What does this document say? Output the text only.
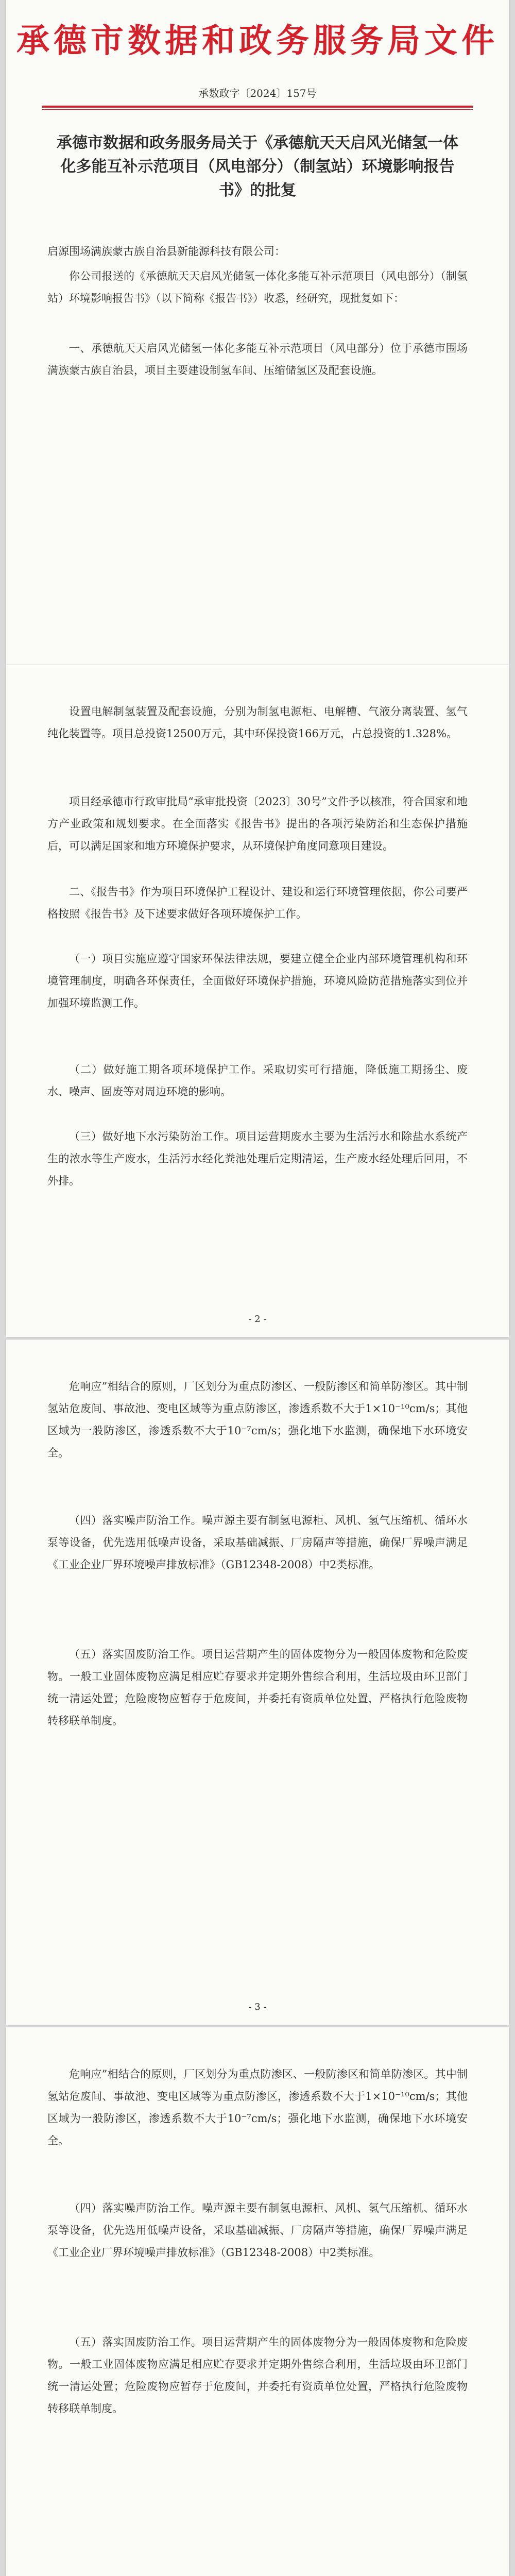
承德市数据和政务服务局文件
承数政字〔2024〕157号
承德市数据和政务服务局关于《承德航天天启风光储氢一体化多能互补示范项目（风电部分）（制氢站）环境影响报告书》的批复
启源围场满族蒙古族自治县新能源科技有限公司：
你公司报送的《承德航天天启风光储氢一体化多能互补示范项目（风电部分）（制氢站）环境影响报告书》（以下简称《报告书》）收悉，经研究，现批复如下：
一、承德航天天启风光储氢一体化多能互补示范项目（风电部分）位于承德市围场满族蒙古族自治县，项目主要建设制氢车间、压缩储氢区及配套设施。
设置电解制氢装置及配套设施，分别为制氢电源柜、电解槽、气液分离装置、氢气纯化装置等。项目总投资12500万元，其中环保投资166万元，占总投资的1.328%。
项目经承德市行政审批局“承审批投资〔2023〕30号”文件予以核准，符合国家和地方产业政策和规划要求。在全面落实《报告书》提出的各项污染防治和生态保护措施后，可以满足国家和地方环境保护要求，从环境保护角度同意项目建设。
二、《报告书》作为项目环境保护工程设计、建设和运行环境管理依据，你公司要严格按照《报告书》及下述要求做好各项环境保护工作。
（一）项目实施应遵守国家环保法律法规，要建立健全企业内部环境管理机构和环境管理制度，明确各环保责任，全面做好环境保护措施，环境风险防范措施落实到位并加强环境监测工作。
（二）做好施工期各项环境保护工作。采取切实可行措施，降低施工期扬尘、废水、噪声、固废等对周边环境的影响。
（三）做好地下水污染防治工作。项目运营期废水主要为生活污水和除盐水系统产生的浓水等生产废水，生活污水经化粪池处理后定期清运，生产废水经处理后回用，不外排。
- 2 -
危响应”相结合的原则，厂区划分为重点防渗区、一般防渗区和简单防渗区。其中制氢站危废间、事故池、变电区域等为重点防渗区，渗透系数不大于1×10⁻¹⁰cm/s；其他区域为一般防渗区，渗透系数不大于10⁻⁷cm/s；强化地下水监测，确保地下水环境安全。
（四）落实噪声防治工作。噪声源主要有制氢电源柜、风机、氢气压缩机、循环水泵等设备，优先选用低噪声设备，采取基础减振、厂房隔声等措施，确保厂界噪声满足《工业企业厂界环境噪声排放标准》（GB12348-2008）中2类标准。
（五）落实固废防治工作。项目运营期产生的固体废物分为一般固体废物和危险废物。一般工业固体废物应满足相应贮存要求并定期外售综合利用，生活垃圾由环卫部门统一清运处置；危险废物应暂存于危废间，并委托有资质单位处置，严格执行危险废物转移联单制度。
- 3 -
危响应”相结合的原则，厂区划分为重点防渗区、一般防渗区和简单防渗区。其中制氢站危废间、事故池、变电区域等为重点防渗区，渗透系数不大于1×10⁻¹⁰cm/s；其他区域为一般防渗区，渗透系数不大于10⁻⁷cm/s；强化地下水监测，确保地下水环境安全。
（四）落实噪声防治工作。噪声源主要有制氢电源柜、风机、氢气压缩机、循环水泵等设备，优先选用低噪声设备，采取基础减振、厂房隔声等措施，确保厂界噪声满足《工业企业厂界环境噪声排放标准》（GB12348-2008）中2类标准。
（五）落实固废防治工作。项目运营期产生的固体废物分为一般固体废物和危险废物。一般工业固体废物应满足相应贮存要求并定期外售综合利用，生活垃圾由环卫部门统一清运处置；危险废物应暂存于危废间，并委托有资质单位处置，严格执行危险废物转移联单制度。
